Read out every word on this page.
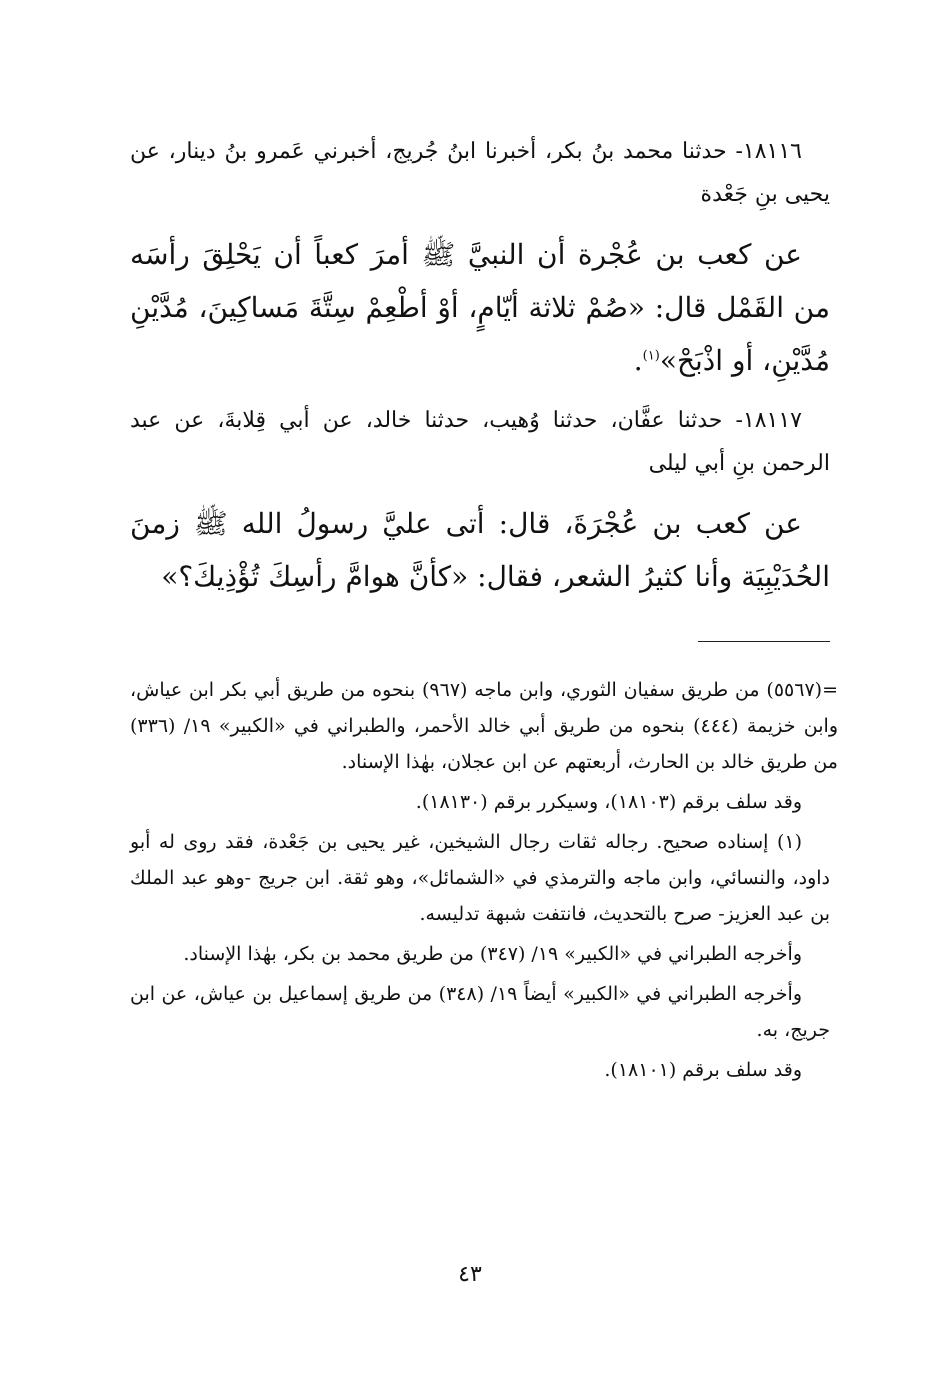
١٨١١٦- حدثنا محمد بنُ بكر، أخبرنا ابنُ جُريج، أخبرني عَمرو بنُ دينار، عن يحيى بنِ جَعْدة

عن كعب بن عُجْرة أن النبيَّ ﷺ أمرَ كعباً أن يَحْلِقَ رأسَه من القَمْل قال: «صُمْ ثلاثة أيّامٍ، أوْ أطْعِمْ سِتَّةَ مَساكِينَ، مُدَّيْنِ مُدَّيْنِ، أو اذْبَحْ»$^{(١)}$.

١٨١١٧- حدثنا عفَّان، حدثنا وُهيب، حدثنا خالد، عن أبي قِلابةَ، عن عبد الرحمن بنِ أبي ليلى

عن كعب بن عُجْرَةَ، قال: أتى عليَّ رسولُ الله ﷺ زمنَ الحُدَيْبِيَة وأنا كثيرُ الشعر، فقال: «كأنَّ هوامَّ رأسِكَ تُؤْذِيكَ؟»

=(٥٥٦٧) من طريق سفيان الثوري، وابن ماجه (٩٦٧) بنحوه من طريق أبي بكر ابن عياش، وابن خزيمة (٤٤٤) بنحوه من طريق أبي خالد الأحمر، والطبراني في «الكبير» ١٩/ (٣٣٦) من طريق خالد بن الحارث، أربعتهم عن ابن عجلان، بهٰذا الإسناد.

وقد سلف برقم (١٨١٠٣)، وسيكرر برقم (١٨١٣٠).

(١) إسناده صحيح. رجاله ثقات رجال الشيخين، غير يحيى بن جَعْدة، فقد روى له أبو داود، والنسائي، وابن ماجه والترمذي في «الشمائل»، وهو ثقة. ابن جريج -وهو عبد الملك بن عبد العزيز- صرح بالتحديث، فانتفت شبهة تدليسه.

وأخرجه الطبراني في «الكبير» ١٩/ (٣٤٧) من طريق محمد بن بكر، بهٰذا الإسناد.

وأخرجه الطبراني في «الكبير» أيضاً ١٩/ (٣٤٨) من طريق إسماعيل بن عياش، عن ابن جريج، به.

وقد سلف برقم (١٨١٠١).

٤٣
